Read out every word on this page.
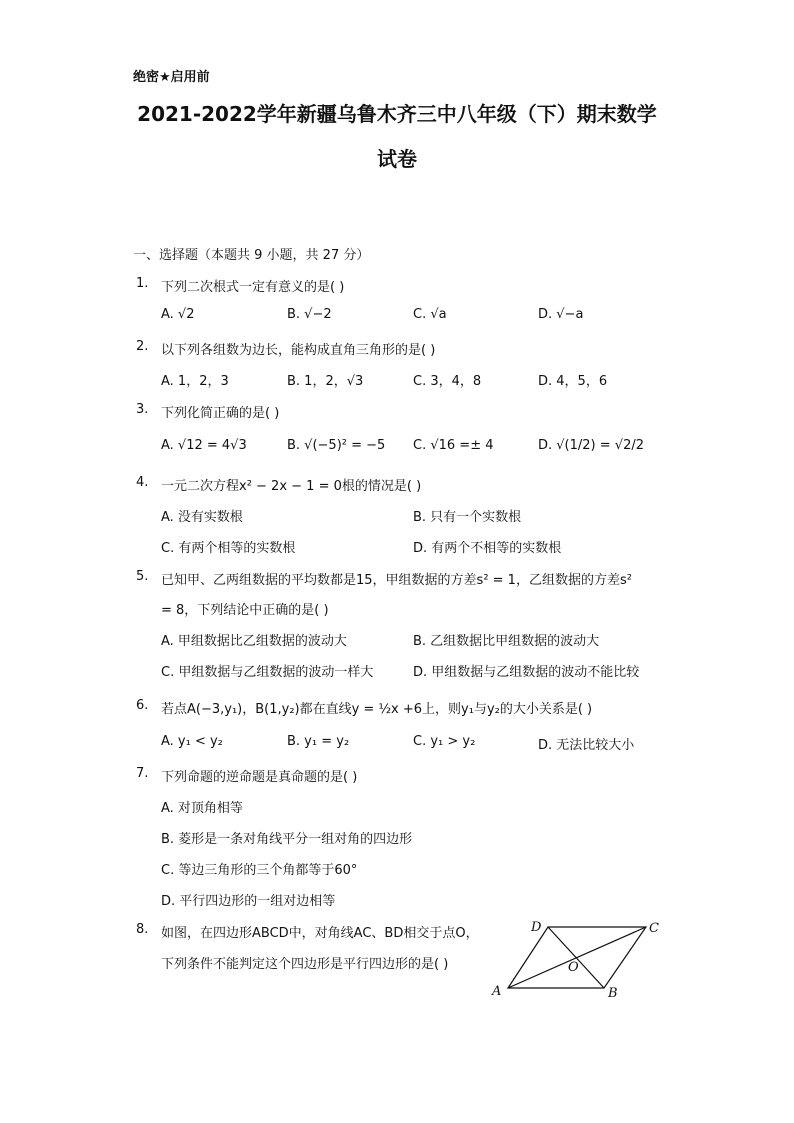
绝密★启用前
2021-2022学年新疆乌鲁木齐三中八年级（下）期末数学
试卷
一、选择题（本题共 9 小题，共 27 分）
1. 下列二次根式一定有意义的是( )
A. √2	B. √−2	C. √a	D. √−a
2. 以下列各组数为边长，能构成直角三角形的是( )
A. 1，2，3	B. 1，2，√3	C. 3，4，8	D. 4，5，6
3. 下列化简正确的是( )
A. √12 = 4√3	B. √(−5)² = −5 C. √16 =± 4	D. √(1/2) = √2/2
4. 一元二次方程x² − 2x − 1 = 0根的情况是( )
A. 没有实数根	B. 只有一个实数根
C. 有两个相等的实数根	D. 有两个不相等的实数根
5. 已知甲、乙两组数据的平均数都是15，甲组数据的方差s² = 1，乙组数据的方差s²
= 8，下列结论中正确的是( )
A. 甲组数据比乙组数据的波动大	B. 乙组数据比甲组数据的波动大
C. 甲组数据与乙组数据的波动一样大	D. 甲组数据与乙组数据的波动不能比较
6. 若点A(−3,y₁)，B(1,y₂)都在直线y = ½x +6上，则y₁与y₂的大小关系是( )
A. y₁ < y₂	B. y₁ = y₂	C. y₁ > y₂	D. 无法比较大小
7. 下列命题的逆命题是真命题的是( )
A. 对顶角相等
B. 菱形是一条对角线平分一组对角的四边形
C. 等边三角形的三个角都等于60°
D. 平行四边形的一组对边相等
8. 如图，在四边形ABCD中，对角线AC、BD相交于点O，
下列条件不能判定这个四边形是平行四边形的是( )
A	B
C
D
O
